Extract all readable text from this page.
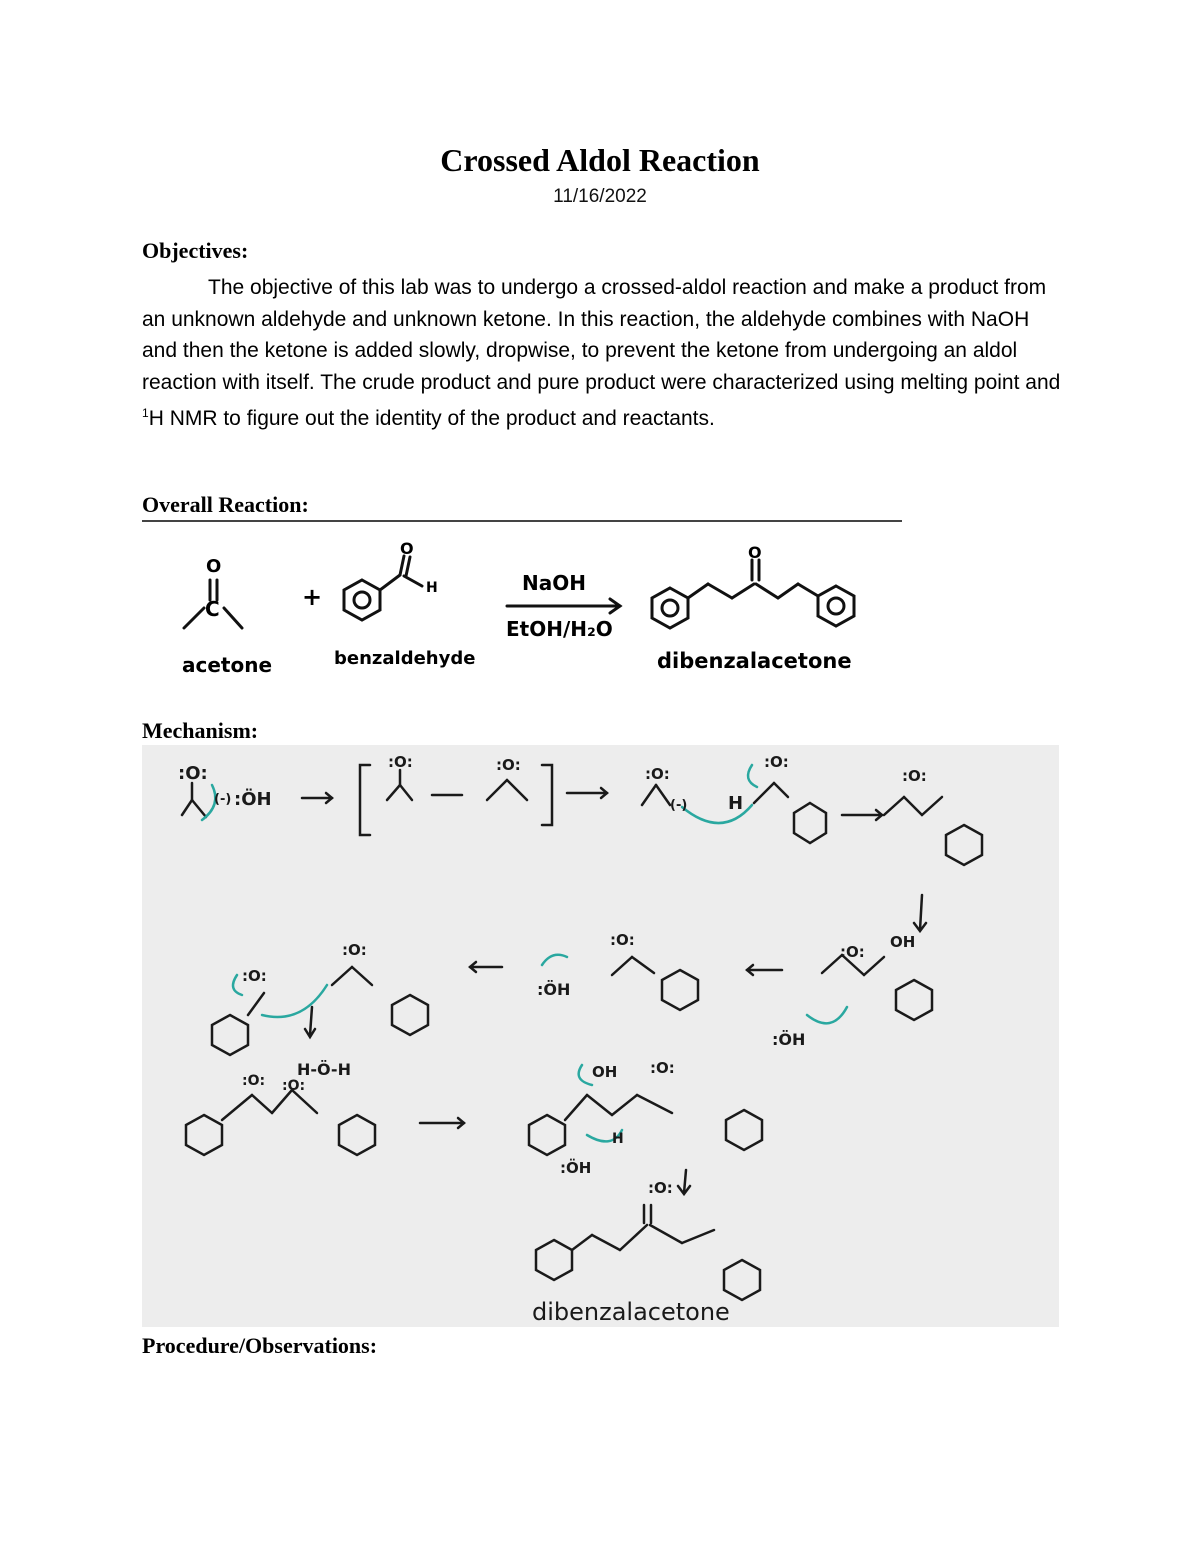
Crossed Aldol Reaction
11/16/2022
Objectives:
The objective of this lab was to undergo a crossed-aldol reaction and make a product from an unknown aldehyde and unknown ketone. In this reaction, the aldehyde combines with NaOH and then the ketone is added slowly, dropwise, to prevent the ketone from undergoing an aldol reaction with itself. The crude product and pure product were characterized using melting point and $^1$H NMR to figure out the identity of the product and reactants.
Overall Reaction:
O
C
O
H
O
+	NaOH
EtOH/H₂O
acetone	benzaldehyde	dibenzalacetone
Mechanism:
:O:
(-) :ÖH
:O:	:O:	:O:
(-) H
:O:
:O:
:O:
OH
:ÖH
:ÖH
:O:
:O:
:O:
H-Ö-H
:O: :O:
OH :O:
H
:ÖH
:O:
dibenzalacetone
Procedure/Observations:
